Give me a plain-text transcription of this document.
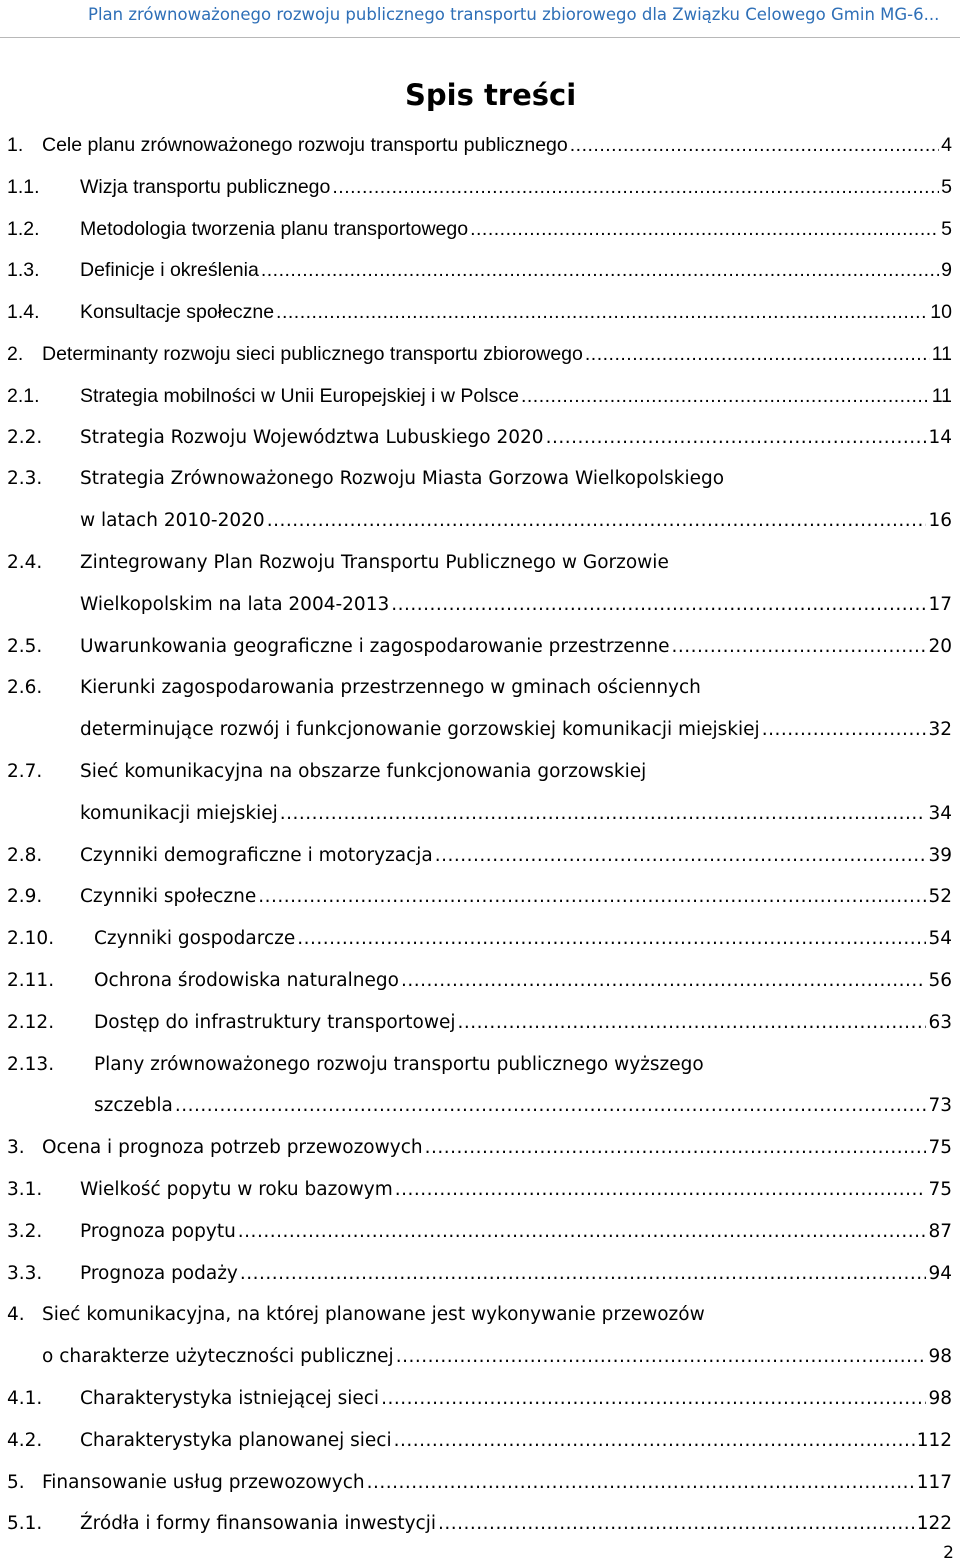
Plan zrównoważonego rozwoju publicznego transportu zbiorowego dla Związku Celowego Gmin MG-6...
Spis treści
1. Cele planu zrównoważonego rozwoju transportu publicznego .....	4
1.1.	Wizja transportu publicznego .....	5
1.2.	Metodologia tworzenia planu transportowego .....	5
1.3.	Definicje i określenia .....	9
1.4.	Konsultacje społeczne .....	10
2. Determinanty rozwoju sieci publicznego transportu zbiorowego .....	11
2.1.	Strategia mobilności w Unii Europejskiej i w Polsce .....	11
2.2.	Strategia Rozwoju Województwa Lubuskiego 2020 .....	14
2.3.	Strategia Zrównoważonego Rozwoju Miasta Gorzowa Wielkopolskiego
w latach 2010-2020 .....	16
2.4.	Zintegrowany Plan Rozwoju Transportu Publicznego w Gorzowie
Wielkopolskim na lata 2004-2013 .....	17
2.5.	Uwarunkowania geograficzne i zagospodarowanie przestrzenne .....	20
2.6.	Kierunki zagospodarowania przestrzennego w gminach ościennych
determinujące rozwój i funkcjonowanie gorzowskiej komunikacji miejskiej .....	32
2.7.	Sieć komunikacyjna na obszarze funkcjonowania gorzowskiej
komunikacji miejskiej .....	34
2.8.	Czynniki demograficzne i motoryzacja .....	39
2.9.	Czynniki społeczne .....	52
2.10.	Czynniki gospodarcze .....	54
2.11.	Ochrona środowiska naturalnego .....	56
2.12.	Dostęp do infrastruktury transportowej .....	63
2.13.	Plany zrównoważonego rozwoju transportu publicznego wyższego
szczebla .....	73
3. Ocena i prognoza potrzeb przewozowych .....	75
3.1.	Wielkość popytu w roku bazowym .....	75
3.2.	Prognoza popytu .....	87
3.3.	Prognoza podaży .....	94
4. Sieć komunikacyjna, na której planowane jest wykonywanie przewozów
o charakterze użyteczności publicznej .....	98
4.1.	Charakterystyka istniejącej sieci .....	98
4.2.	Charakterystyka planowanej sieci .....	112
5. Finansowanie usług przewozowych .....	117
5.1.	Źródła i formy finansowania inwestycji .....	122
2
